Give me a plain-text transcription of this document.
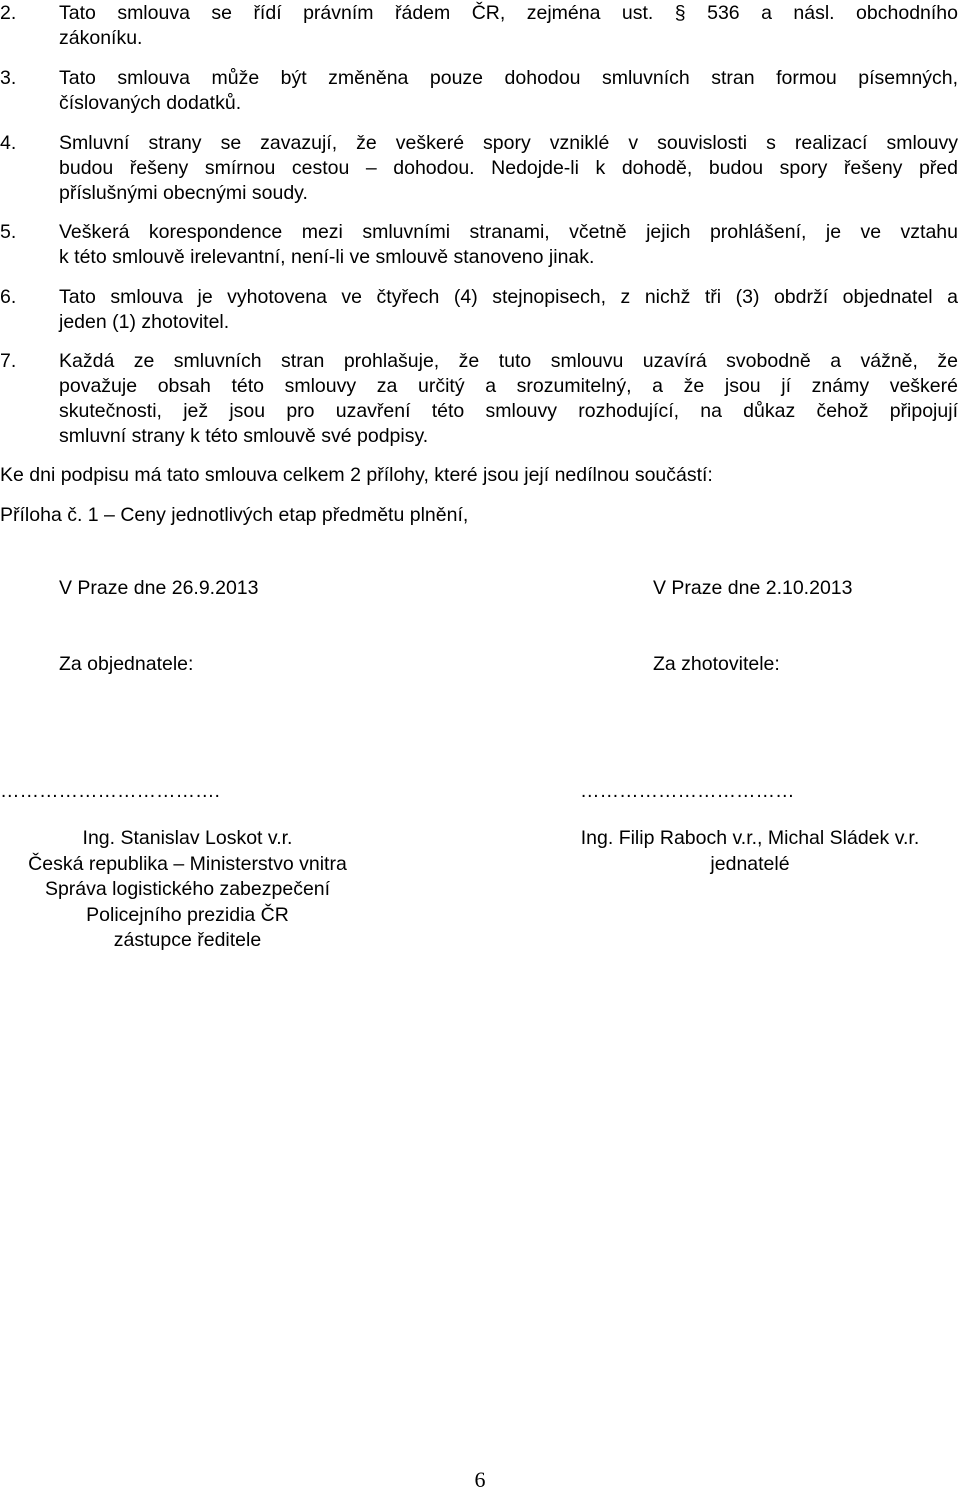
2.	Tato smlouva se řídí právním řádem ČR, zejména ust. § 536 a násl. obchodního
zákoníku.
3.	Tato smlouva může být změněna pouze dohodou smluvních stran formou písemných,
číslovaných dodatků.
4.	Smluvní strany se zavazují, že veškeré spory vzniklé v souvislosti s realizací smlouvy
budou řešeny smírnou cestou – dohodou. Nedojde-li k dohodě, budou spory řešeny před
příslušnými obecnými soudy.
5.	Veškerá korespondence mezi smluvními stranami, včetně jejich prohlášení, je ve vztahu
k této smlouvě irelevantní, není-li ve smlouvě stanoveno jinak.
6.	Tato smlouva je vyhotovena ve čtyřech (4) stejnopisech, z nichž tři (3) obdrží objednatel a
jeden (1) zhotovitel.
7.	Každá ze smluvních stran prohlašuje, že tuto smlouvu uzavírá svobodně a vážně, že
považuje obsah této smlouvy za určitý a srozumitelný, a že jsou jí známy veškeré
skutečnosti, jež jsou pro uzavření této smlouvy rozhodující, na důkaz čehož připojují
smluvní strany k této smlouvě své podpisy.
Ke dni podpisu má tato smlouva celkem 2 přílohy, které jsou její nedílnou součástí:
Příloha č. 1 – Ceny jednotlivých etap předmětu plnění,
V Praze dne 26.9.2013
Za objednatele:
…………………………….
Ing. Stanislav Loskot v.r.
Česká republika – Ministerstvo vnitra
Správa logistického zabezpečení
Policejního prezidia ČR
zástupce ředitele
V Praze dne 2.10.2013
Za zhotovitele:
……………………………
Ing. Filip Raboch v.r., Michal Sládek v.r.
jednatelé
6
